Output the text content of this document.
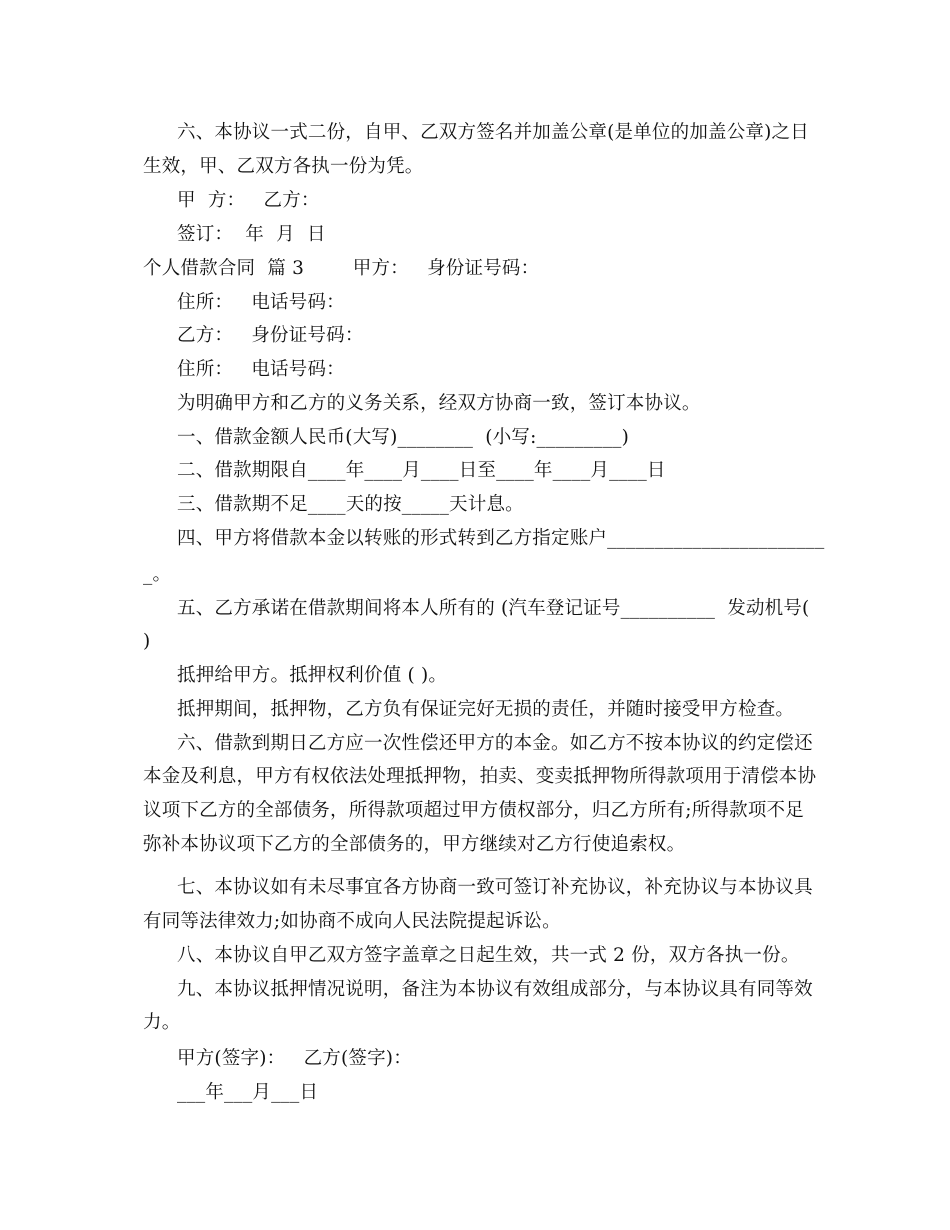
六、本协议一式二份，自甲、乙双方签名并加盖公章(是单位的加盖公章)之日
生效，甲、乙双方各执一份为凭。
甲  方：   乙方：
签订：  年  月  日
个人借款合同  篇 3        甲方：   身份证号码：
住所：   电话号码：
乙方：   身份证号码：
住所：   电话号码：
为明确甲方和乙方的义务关系，经双方协商一致，签订本协议。
一、借款金额人民币(大写)________  (小写:_________)
二、借款期限自____年____月____日至____年____月____日
三、借款期不足____天的按_____天计息。
四、甲方将借款本金以转账的形式转到乙方指定账户_______________________
_。
五、乙方承诺在借款期间将本人所有的 (汽车登记证号__________  发动机号(
)
抵押给甲方。抵押权利价值 ( )。
抵押期间，抵押物，乙方负有保证完好无损的责任，并随时接受甲方检查。
六、借款到期日乙方应一次性偿还甲方的本金。如乙方不按本协议的约定偿还
本金及利息，甲方有权依法处理抵押物，拍卖、变卖抵押物所得款项用于清偿本协
议项下乙方的全部债务，所得款项超过甲方债权部分，归乙方所有;所得款项不足
弥补本协议项下乙方的全部债务的，甲方继续对乙方行使追索权。
七、本协议如有未尽事宜各方协商一致可签订补充协议，补充协议与本协议具
有同等法律效力;如协商不成向人民法院提起诉讼。
八、本协议自甲乙双方签字盖章之日起生效，共一式 2 份，双方各执一份。
九、本协议抵押情况说明，备注为本协议有效组成部分，与本协议具有同等效
力。
甲方(签字)：   乙方(签字)：
___年___月___日
